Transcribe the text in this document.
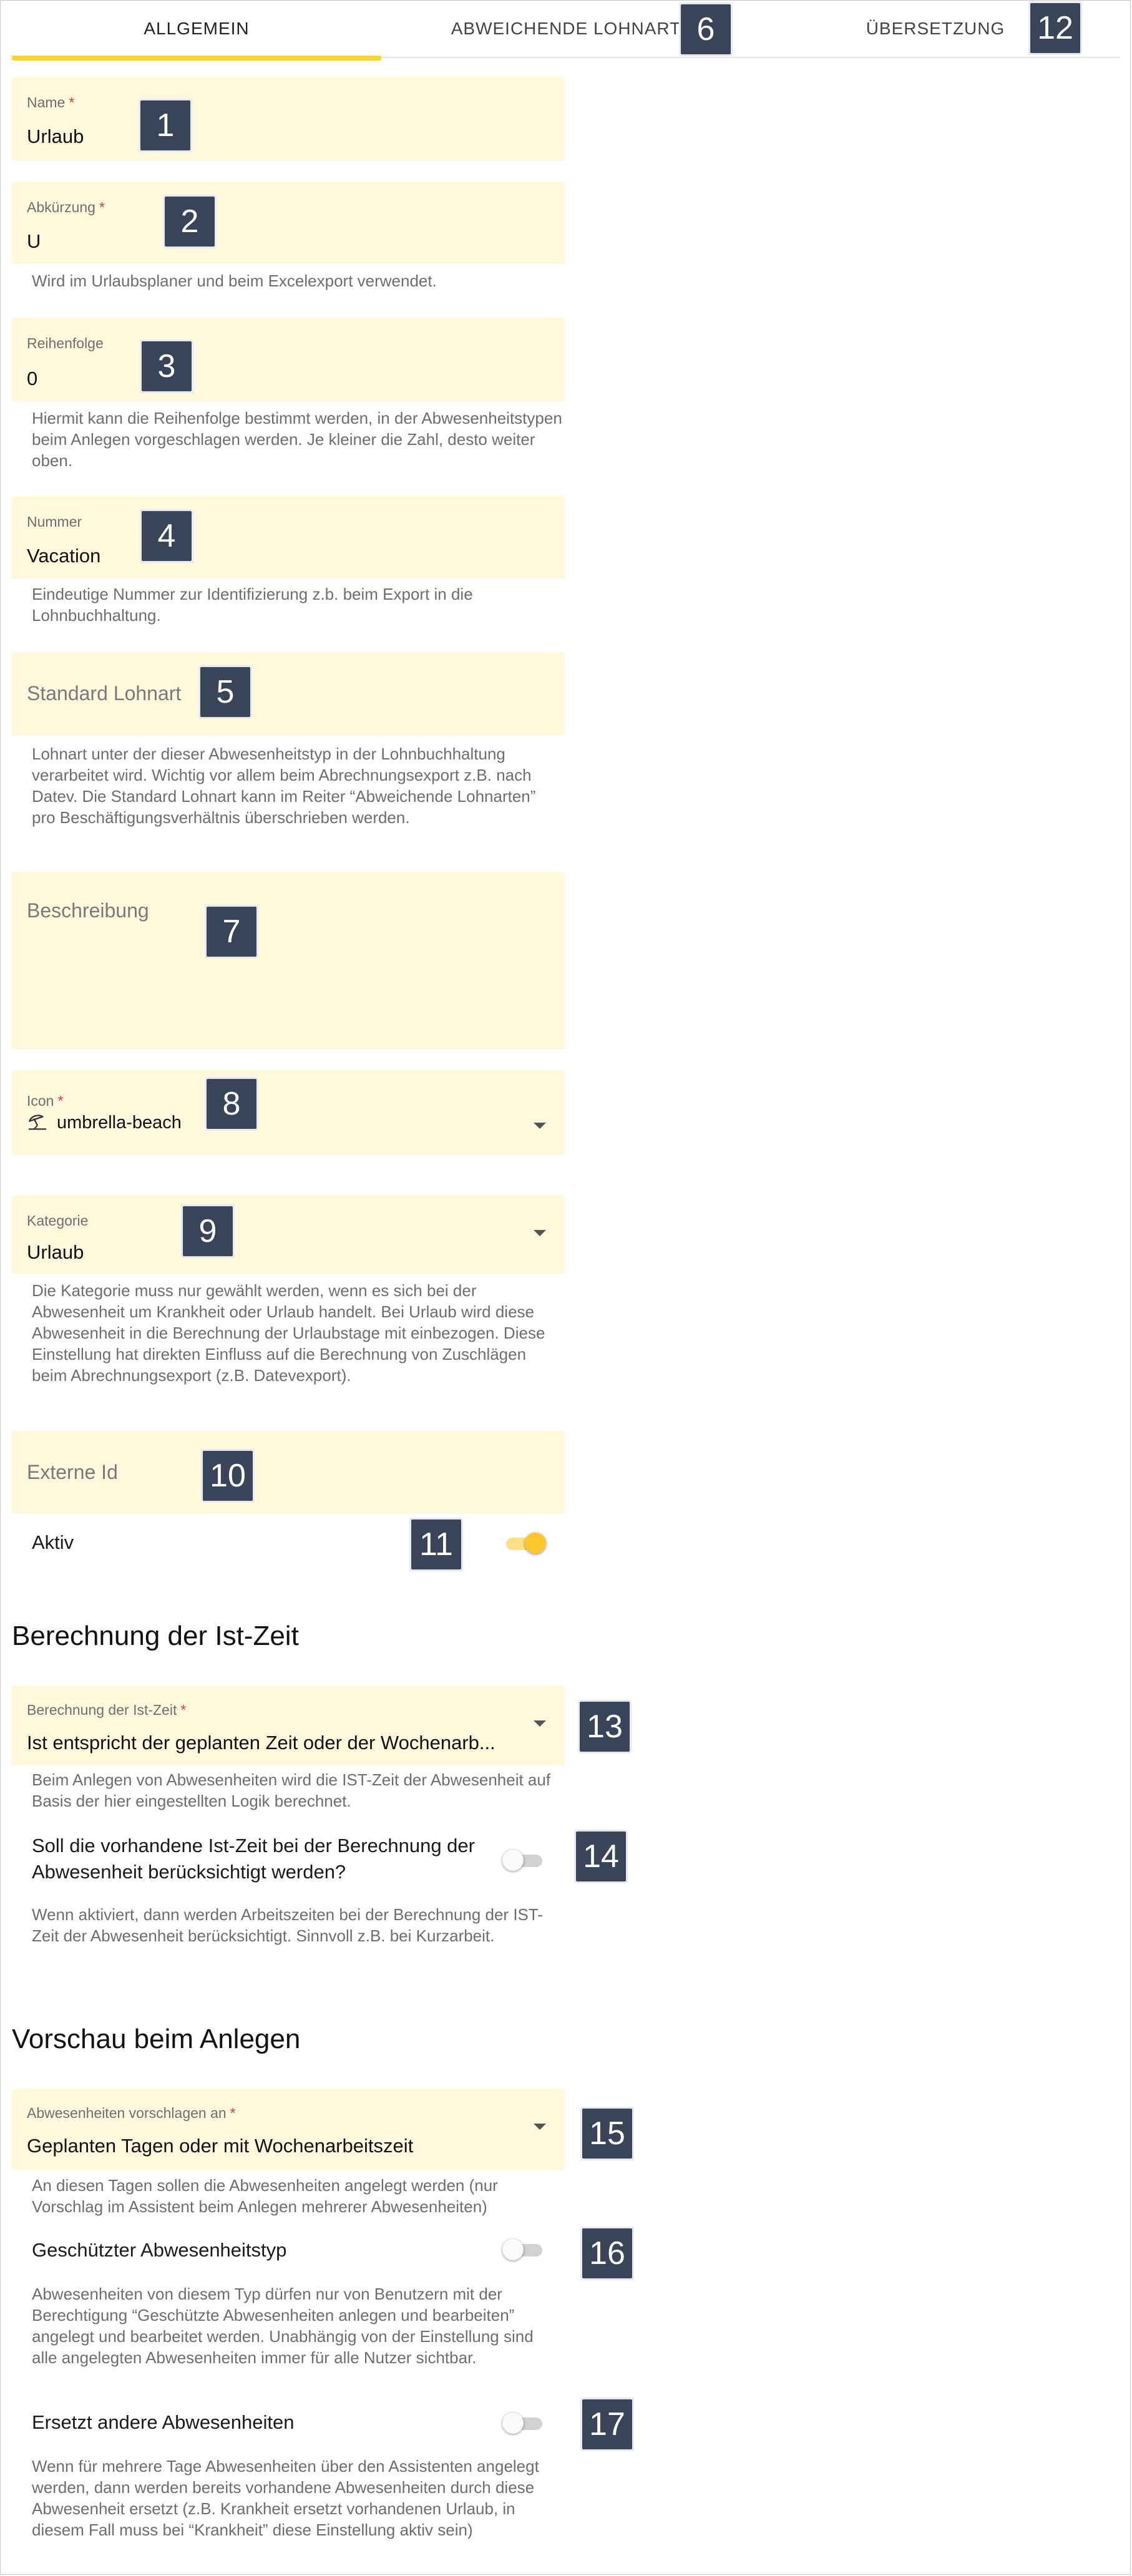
ALLGEMEIN	ABWEICHENDE LOHNART	ÜBERSETZUNG
Name *
Urlaub
Abkürzung *
U
Wird im Urlaubsplaner und beim Excelexport verwendet.
Reihenfolge
0
Hiermit kann die Reihenfolge bestimmt werden, in der Abwesenheitstypen beim Anlegen vorgeschlagen werden. Je kleiner die Zahl, desto weiter oben.
Nummer
Vacation
Eindeutige Nummer zur Identifizierung z.b. beim Export in die Lohnbuchhaltung.
Standard Lohnart
Lohnart unter der dieser Abwesenheitstyp in der Lohnbuchhaltung verarbeitet wird. Wichtig vor allem beim Abrechnungsexport z.B. nach Datev. Die Standard Lohnart kann im Reiter “Abweichende Lohnarten” pro Beschäftigungsverhältnis überschrieben werden.
Beschreibung
Icon *
umbrella-beach
Kategorie
Urlaub
Die Kategorie muss nur gewählt werden, wenn es sich bei der Abwesenheit um Krankheit oder Urlaub handelt. Bei Urlaub wird diese Abwesenheit in die Berechnung der Urlaubstage mit einbezogen. Diese Einstellung hat direkten Einfluss auf die Berechnung von Zuschlägen beim Abrechnungsexport (z.B. Datevexport).
Externe Id
Aktiv
Berechnung der Ist-Zeit
Berechnung der Ist-Zeit *
Ist entspricht der geplanten Zeit oder der Wochenarb...
Beim Anlegen von Abwesenheiten wird die IST-Zeit der Abwesenheit auf Basis der hier eingestellten Logik berechnet.
Soll die vorhandene Ist-Zeit bei der Berechnung der Abwesenheit berücksichtigt werden?
Wenn aktiviert, dann werden Arbeitszeiten bei der Berechnung der IST-Zeit der Abwesenheit berücksichtigt. Sinnvoll z.B. bei Kurzarbeit.
Vorschau beim Anlegen
Abwesenheiten vorschlagen an *
Geplanten Tagen oder mit Wochenarbeitszeit
An diesen Tagen sollen die Abwesenheiten angelegt werden (nur Vorschlag im Assistent beim Anlegen mehrerer Abwesenheiten)
Geschützter Abwesenheitstyp
Abwesenheiten von diesem Typ dürfen nur von Benutzern mit der Berechtigung “Geschützte Abwesenheiten anlegen und bearbeiten” angelegt und bearbeitet werden. Unabhängig von der Einstellung sind alle angelegten Abwesenheiten immer für alle Nutzer sichtbar.
Ersetzt andere Abwesenheiten
Wenn für mehrere Tage Abwesenheiten über den Assistenten angelegt werden, dann werden bereits vorhandene Abwesenheiten durch diese Abwesenheit ersetzt (z.B. Krankheit ersetzt vorhandenen Urlaub, in diesem Fall muss bei “Krankheit” diese Einstellung aktiv sein)
1
2
3
4
5
6
7
8
9
10
11
12
13
14
15
16
17
